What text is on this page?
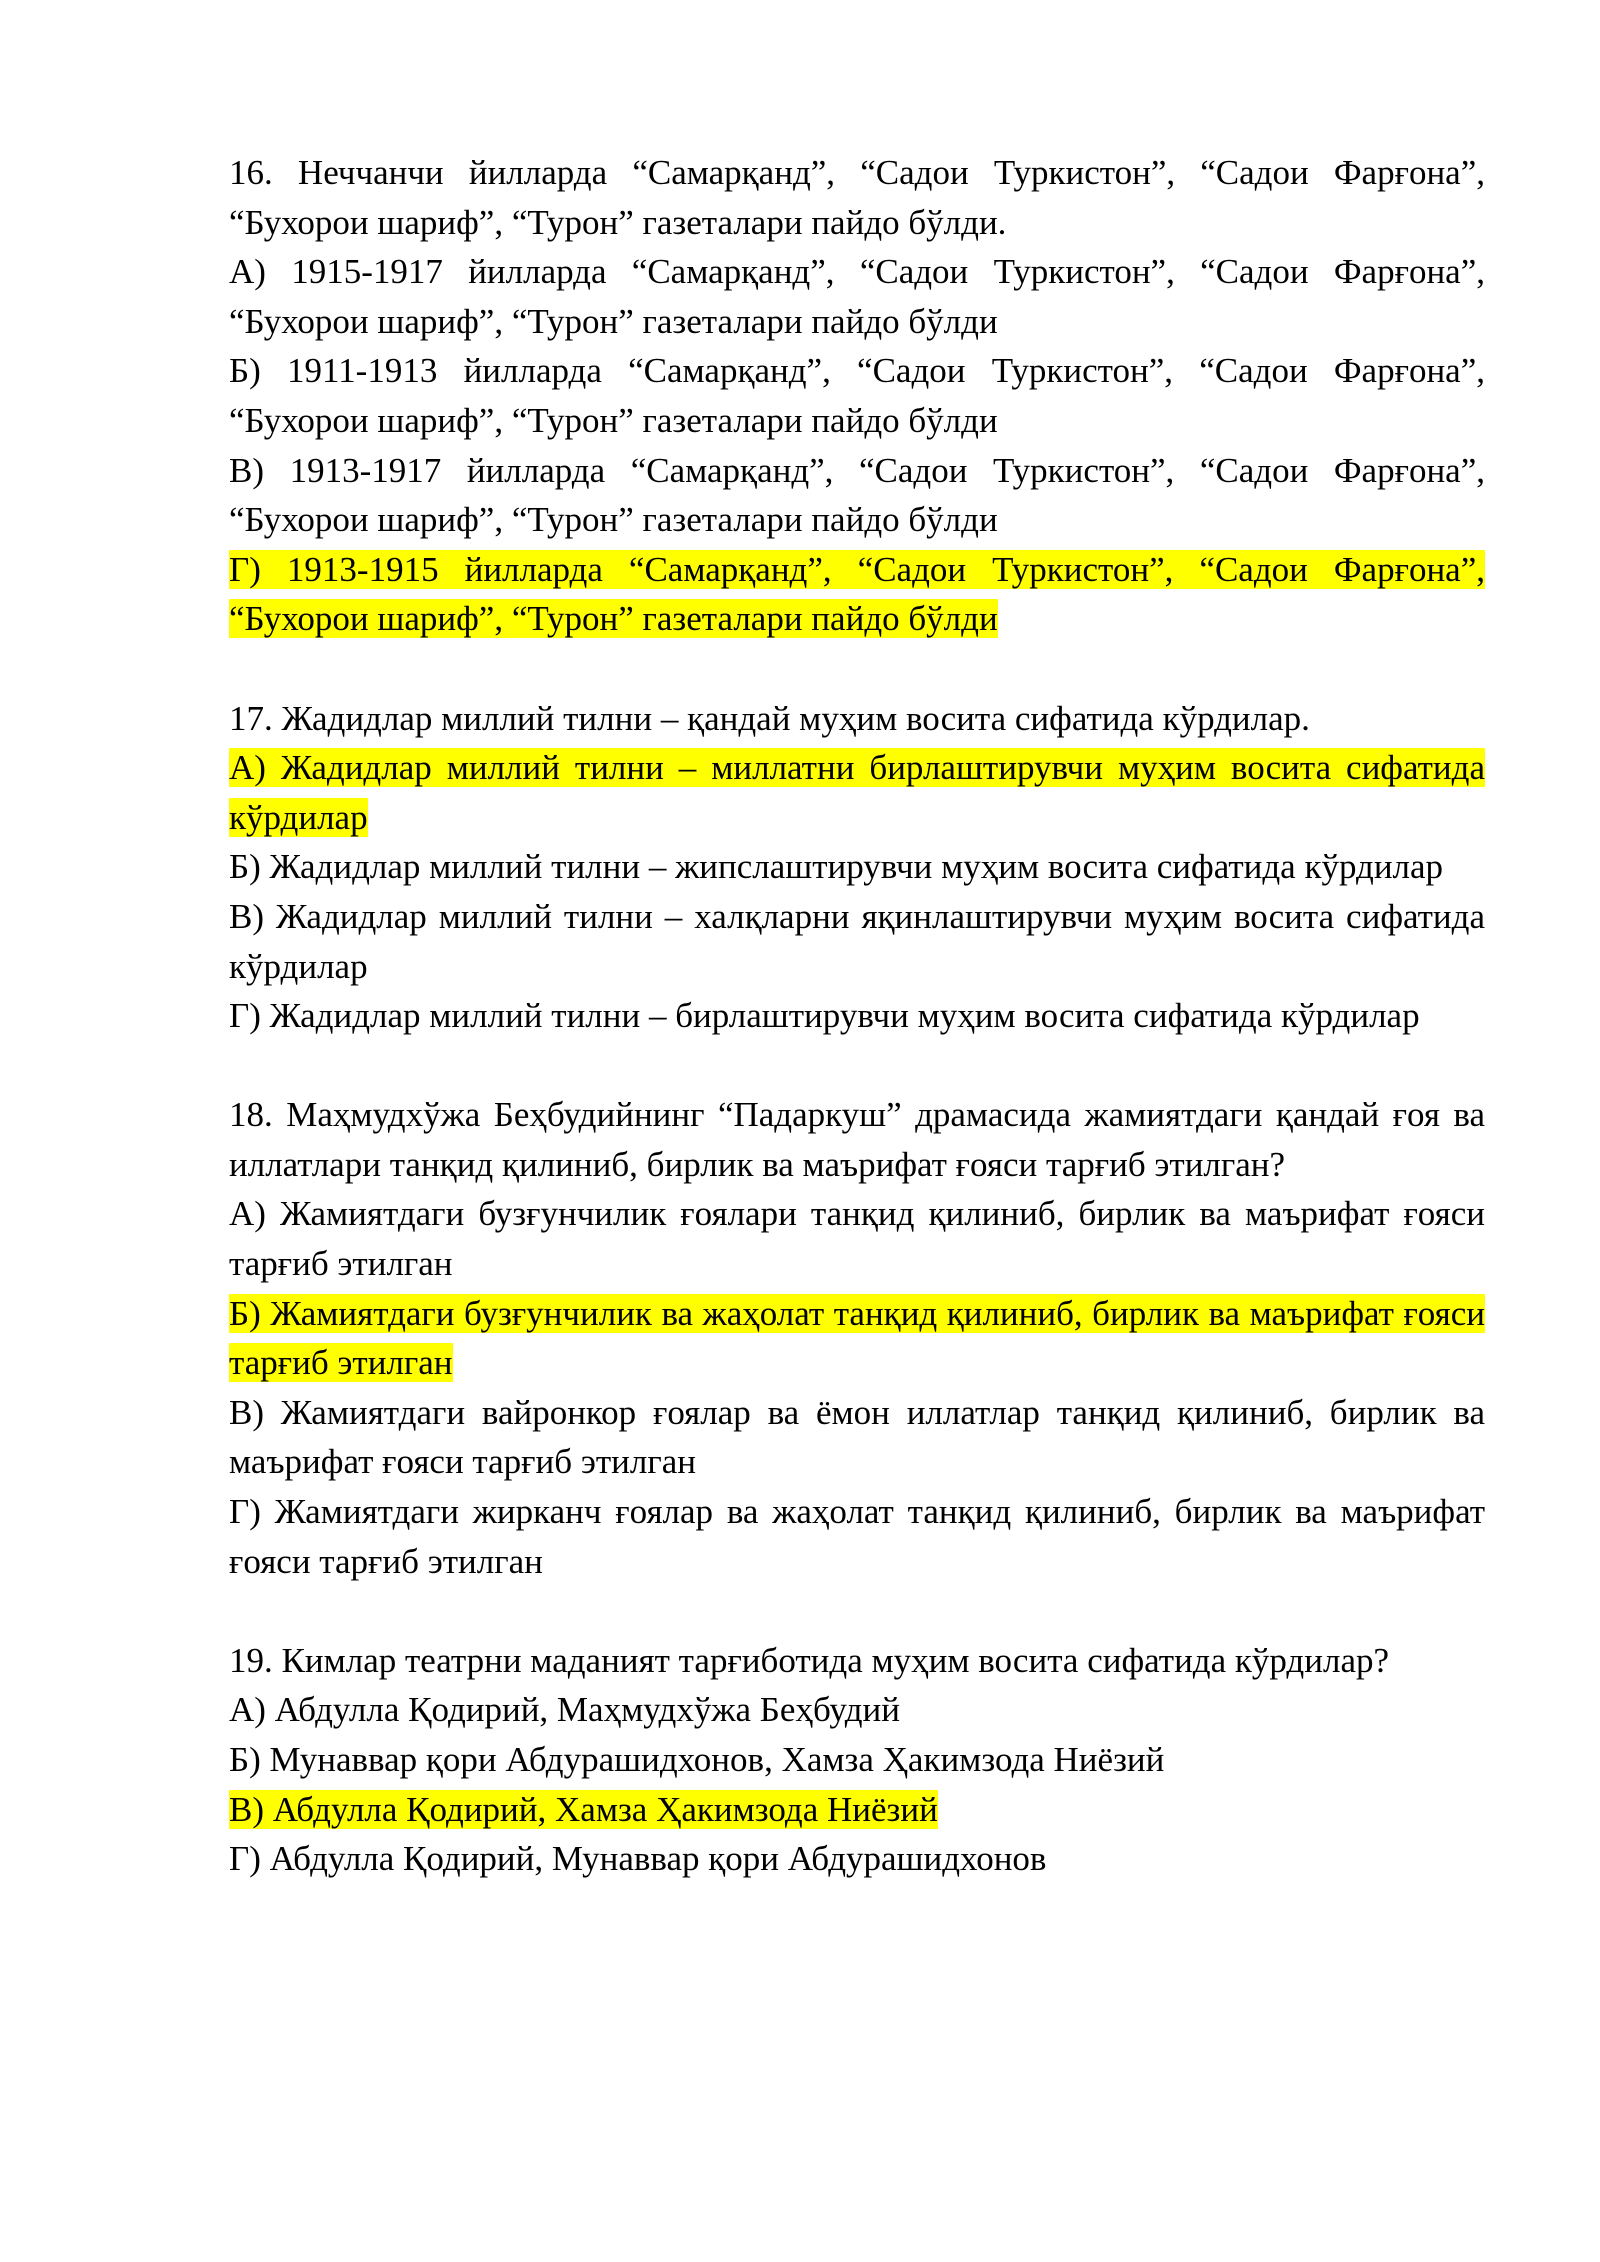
16. Неччанчи йилларда “Самарқанд”, “Садои Туркистон”, “Садои Фарғона”, “Бухорои шариф”, “Турон” газеталари пайдо бўлди.

А) 1915-1917 йилларда “Самарқанд”, “Садои Туркистон”, “Садои Фарғона”, “Бухорои шариф”, “Турон” газеталари пайдо бўлди

Б) 1911-1913 йилларда “Самарқанд”, “Садои Туркистон”, “Садои Фарғона”, “Бухорои шариф”, “Турон” газеталари пайдо бўлди

В) 1913-1917 йилларда “Самарқанд”, “Садои Туркистон”, “Садои Фарғона”, “Бухорои шариф”, “Турон” газеталари пайдо бўлди

Г) 1913-1915 йилларда “Самарқанд”, “Садои Туркистон”, “Садои Фарғона”, “Бухорои шариф”, “Турон” газеталари пайдо бўлди

17. Жадидлар миллий тилни – қандай муҳим восита сифатида кўрдилар.

А) Жадидлар миллий тилни – миллатни бирлаштирувчи муҳим восита сифатида кўрдилар

Б) Жадидлар миллий тилни – жипслаштирувчи муҳим восита сифатида кўрдилар

В) Жадидлар миллий тилни – халқларни яқинлаштирувчи муҳим восита сифатида кўрдилар

Г) Жадидлар миллий тилни – бирлаштирувчи муҳим восита сифатида кўрдилар

18. Маҳмудхўжа Беҳбудийнинг “Падаркуш” драмасида жамиятдаги қандай ғоя ва иллатлари танқид қилиниб, бирлик ва маърифат ғояси тарғиб этилган?

А) Жамиятдаги бузғунчилик ғоялари танқид қилиниб, бирлик ва маърифат ғояси тарғиб этилган

Б) Жамиятдаги бузғунчилик ва жаҳолат танқид қилиниб, бирлик ва маърифат ғояси тарғиб этилган

В) Жамиятдаги вайронкор ғоялар ва ёмон иллатлар танқид қилиниб, бирлик ва маърифат ғояси тарғиб этилган

Г) Жамиятдаги жирканч ғоялар ва жаҳолат танқид қилиниб, бирлик ва маърифат ғояси тарғиб этилган

19. Кимлар театрни маданият тарғиботида муҳим восита сифатида кўрдилар?

А) Абдулла Қодирий, Маҳмудхўжа Беҳбудий

Б) Мунаввар қори Абдурашидхонов, Хамза Ҳакимзода Ниёзий

В) Абдулла Қодирий, Хамза Ҳакимзода Ниёзий

Г) Абдулла Қодирий, Мунаввар қори Абдурашидхонов
